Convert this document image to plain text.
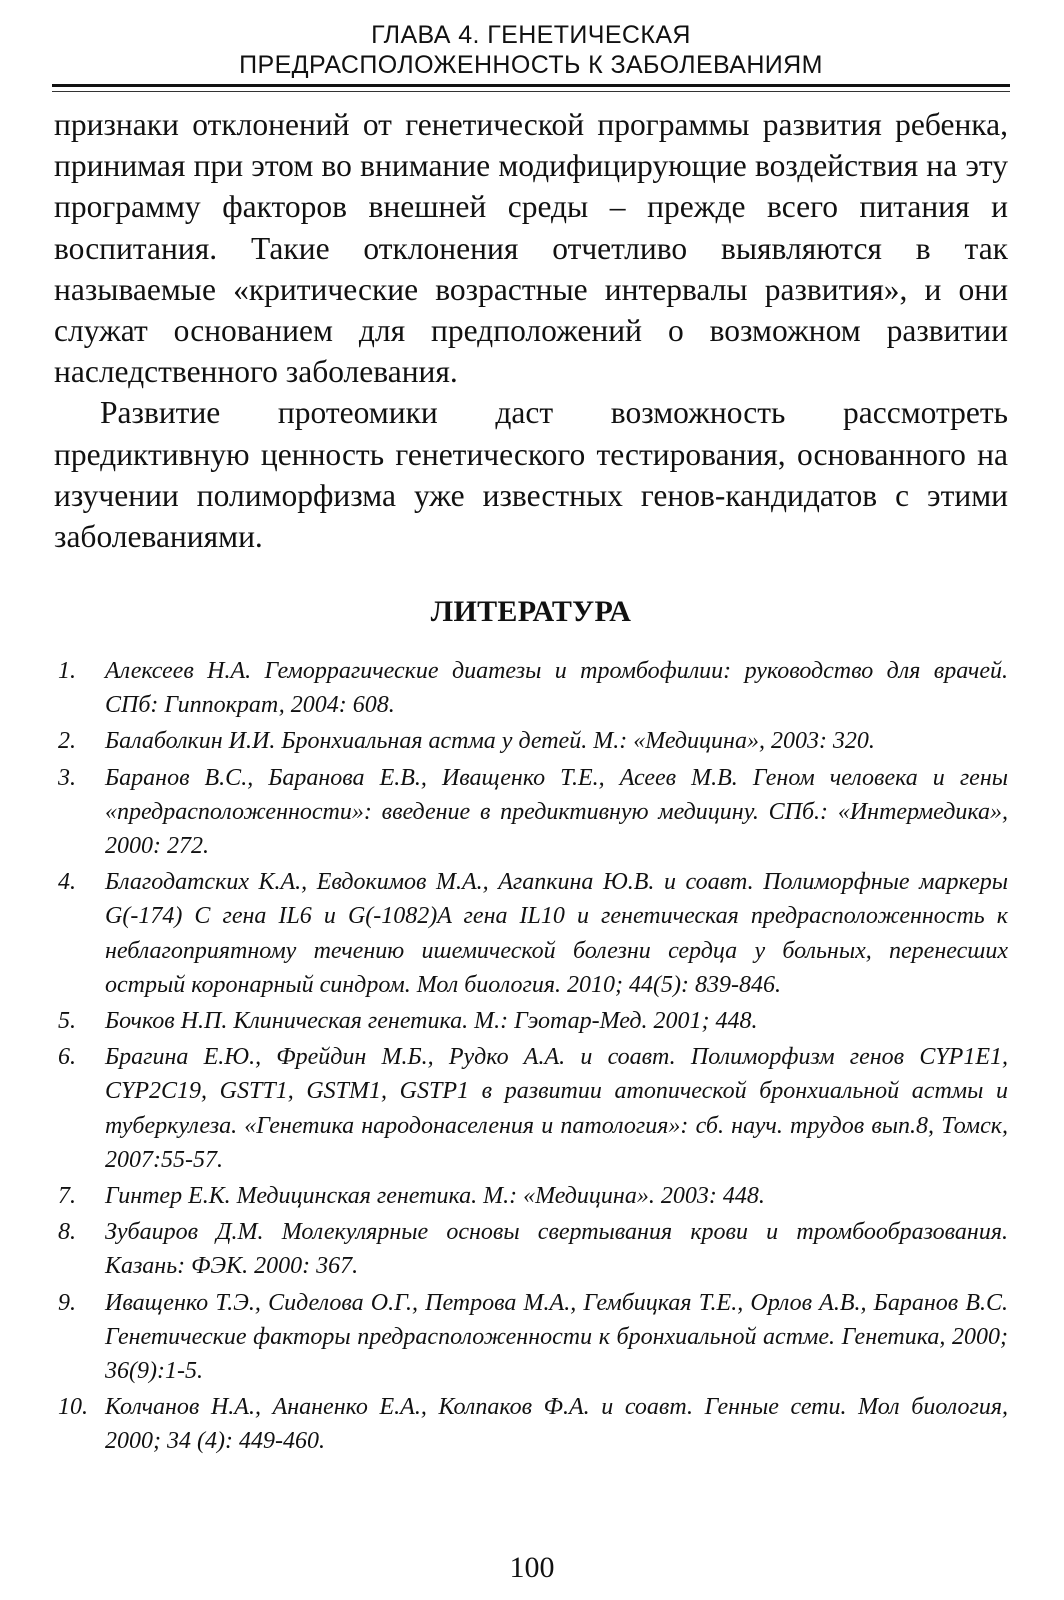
ГЛАВА 4. ГЕНЕТИЧЕСКАЯ
ПРЕДРАСПОЛОЖЕННОСТЬ К ЗАБОЛЕВАНИЯМ

признаки отклонений от генетической программы развития ребенка, принимая при этом во внимание модифицирующие воздействия на эту программу факторов внешней среды – прежде всего питания и воспитания. Такие отклонения отчетливо выявляются в так называемые «критические возрастные интервалы развития», и они служат основанием для предположений о возможном развитии наследственного заболевания.

Развитие протеомики даст возможность рассмотреть предиктивную ценность генетического тестирования, основанного на изучении полиморфизма уже известных генов-кандидатов с этими заболеваниями.

ЛИТЕРАТУРА
1. Алексеев Н.А. Геморрагические диатезы и тромбофилии: руководство для врачей. СПб: Гиппократ, 2004: 608.
2. Балаболкин И.И. Бронхиальная астма у детей. М.: «Медицина», 2003: 320.
3. Баранов В.С., Баранова Е.В., Иващенко Т.Е., Асеев М.В. Геном человека и гены «предрасположенности»: введение в предиктивную медицину. СПб.: «Интермедика», 2000: 272.
4. Благодатских К.А., Евдокимов М.А., Агапкина Ю.В. и соавт. Полиморфные маркеры G(-174) C гена IL6 и G(-1082)A гена IL10 и генетическая предрасположенность к неблагоприятному течению ишемической болезни сердца у больных, перенесших острый коронарный синдром. Мол биология. 2010; 44(5): 839-846.
5. Бочков Н.П. Клиническая генетика. М.: Гэотар-Мед. 2001; 448.
6. Брагина Е.Ю., Фрейдин М.Б., Рудко А.А. и соавт. Полиморфизм генов CYP1E1, CYP2C19, GSTT1, GSTM1, GSTP1 в развитии атопической бронхиальной астмы и туберкулеза. «Генетика народонаселения и патология»: сб. науч. трудов вып.8, Томск, 2007:55-57.
7. Гинтер Е.К. Медицинская генетика. М.: «Медицина». 2003: 448.
8. Зубаиров Д.М. Молекулярные основы свертывания крови и тромбообразования. Казань: ФЭК. 2000: 367.
9. Иващенко Т.Э., Сиделова О.Г., Петрова М.А., Гембицкая Т.Е., Орлов А.В., Баранов В.С. Генетические факторы предрасположенности к бронхиальной астме. Генетика, 2000; 36(9):1-5.
10. Колчанов Н.А., Ананенко Е.А., Колпаков Ф.А. и соавт. Генные сети. Мол биология, 2000; 34 (4): 449-460.
100
